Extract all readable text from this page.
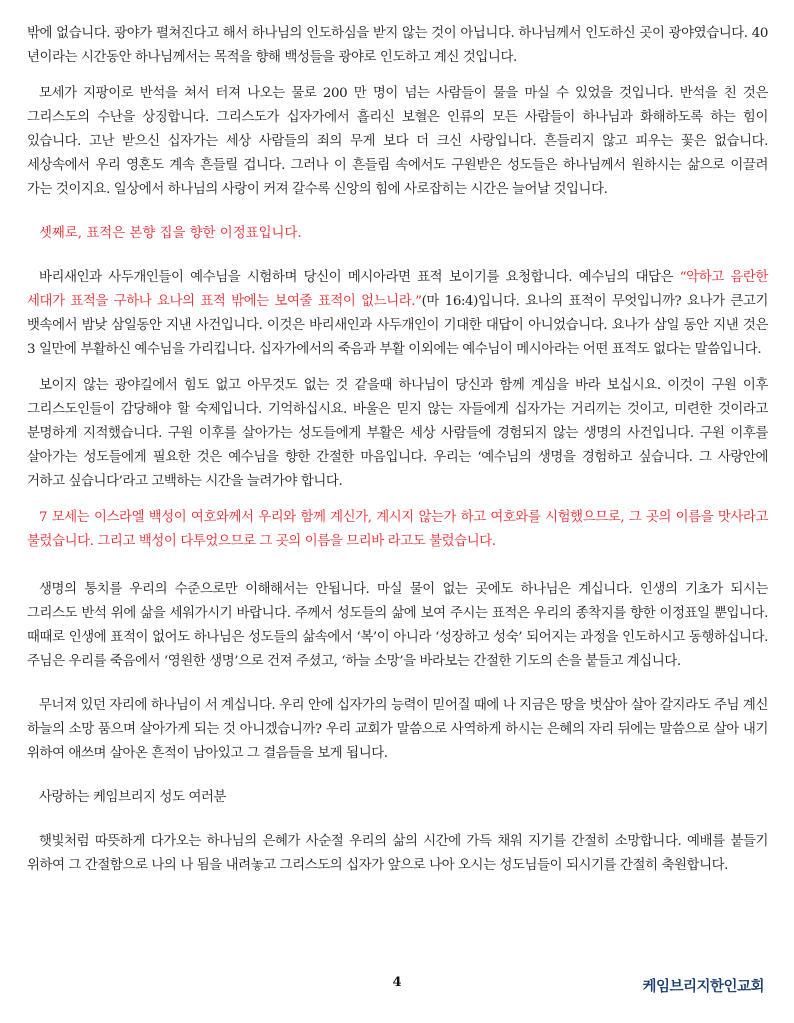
밖에 없습니다. 광야가 펼쳐진다고 해서 하나님의 인도하심을 받지 않는 것이 아닙니다. 하나님께서 인도하신 곳이 광야였습니다. 40 년이라는 시간동안 하나님께서는 목적을 향해 백성들을 광야로 인도하고 계신 것입니다.

모세가 지팡이로 반석을 쳐서 터져 나오는 물로 200 만 명이 넘는 사람들이 물을 마실 수 있었을 것입니다. 반석을 친 것은 그리스도의 수난을 상징합니다. 그리스도가 십자가에서 흘리신 보혈은 인류의 모든 사람들이 하나님과 화해하도록 하는 힘이 있습니다. 고난 받으신 십자가는 세상 사람들의 죄의 무게 보다 더 크신 사랑입니다. 흔들리지 않고 피우는 꽃은 없습니다. 세상속에서 우리 영혼도 계속 흔들릴 겁니다. 그러나 이 흔들림 속에서도 구원받은 성도들은 하나님께서 원하시는 삶으로 이끌려 가는 것이지요. 일상에서 하나님의 사랑이 커져 갈수록 신앙의 힘에 사로잡히는 시간은 늘어날 것입니다.

셋째로, 표적은 본향 집을 향한 이정표입니다.

바리새인과 사두개인들이 예수님을 시험하며 당신이 메시아라면 표적 보이기를 요청합니다. 예수님의 대답은 “악하고 음란한 세대가 표적을 구하나 요나의 표적 밖에는 보여줄 표적이 없느니라.”(마 16:4)입니다. 요나의 표적이 무엇입니까? 요나가 큰고기 뱃속에서 밤낮 삼일동안 지낸 사건입니다. 이것은 바리새인과 사두개인이 기대한 대답이 아니었습니다. 요나가 삼일 동안 지낸 것은 3 일만에 부활하신 예수님을 가리킵니다. 십자가에서의 죽음과 부활 이외에는 예수님이 메시아라는 어떤 표적도 없다는 말씀입니다.

보이지 않는 광야길에서 힘도 없고 아무것도 없는 것 같을때 하나님이 당신과 함께 계심을 바라 보십시요. 이것이 구원 이후 그리스도인들이 감당해야 할 숙제입니다. 기억하십시요. 바울은 믿지 않는 자들에게 십자가는 거리끼는 것이고, 미련한 것이라고 분명하게 지적했습니다. 구원 이후를 살아가는 성도들에게 부활은 세상 사람들에 경험되지 않는 생명의 사건입니다. 구원 이후를 살아가는 성도들에게 필요한 것은 예수님을 향한 간절한 마음입니다. 우리는 ‘예수님의 생명을 경험하고 싶습니다. 그 사랑안에 거하고 싶습니다’라고 고백하는 시간을 늘려가야 합니다.

7 모세는 이스라엘 백성이 여호와께서 우리와 함께 계신가, 계시지 않는가 하고 여호와를 시험했으므로, 그 곳의 이름을 맛사라고 불렀습니다. 그리고 백성이 다투었으므로 그 곳의 이름을 므리바 라고도 불렀습니다.

생명의 통치를 우리의 수준으로만 이해해서는 안됩니다. 마실 물이 없는 곳에도 하나님은 계십니다. 인생의 기초가 되시는 그리스도 반석 위에 삶을 세워가시기 바랍니다. 주께서 성도들의 삶에 보여 주시는 표적은 우리의 종착지를 향한 이정표일 뿐입니다. 때때로 인생에 표적이 없어도 하나님은 성도들의 삶속에서 ‘복’이 아니라 ‘성장하고 성숙’ 되어지는 과정을 인도하시고 동행하십니다. 주님은 우리를 죽음에서 ‘영원한 생명’으로 건져 주셨고, ‘하늘 소망’을 바라보는 간절한 기도의 손을 붙들고 계십니다.

무너져 있던 자리에 하나님이 서 계십니다. 우리 안에 십자가의 능력이 믿어질 때에 나 지금은 땅을 벗삼아 살아 갈지라도 주님 계신 하늘의 소망 품으며 살아가게 되는 것 아니겠습니까? 우리 교회가 말씀으로 사역하게 하시는 은혜의 자리 뒤에는 말씀으로 살아 내기 위하여 애쓰며 살아온 흔적이 남아있고 그 결음들을 보게 됩니다.

사랑하는 케임브리지 성도 여러분

햇빛처럼 따뜻하게 다가오는 하나님의 은혜가 사순절 우리의 삶의 시간에 가득 채워 지기를 간절히 소망합니다. 예배를 붙들기 위하여 그 간절함으로 나의 나 됨을 내려놓고 그리스도의 십자가 앞으로 나아 오시는 성도님들이 되시기를 간절히 축원합니다.

4	케임브리지한인교회
